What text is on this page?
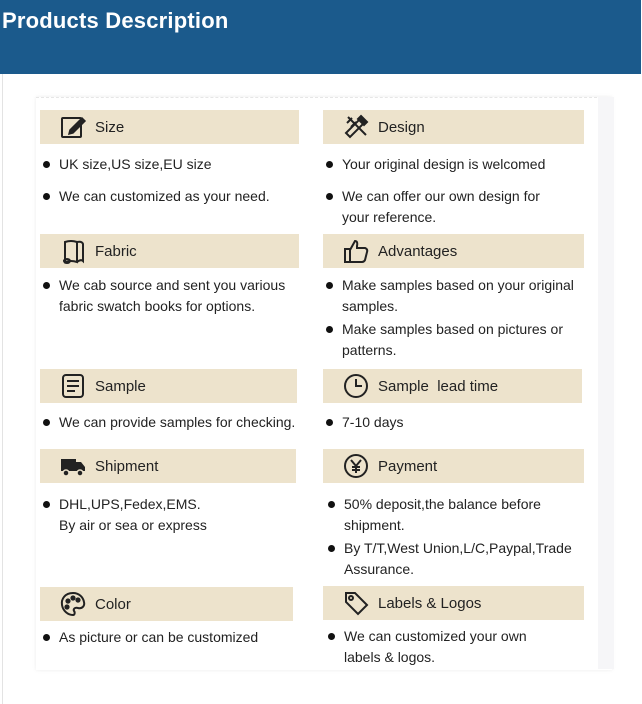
Products Description
Size
UK size,US size,EU size
We can customized as your need.
Design
Your original design is welcomed
We can offer our own design for your reference.
Fabric
We cab source and sent you various fabric swatch books for options.
Advantages
Make samples based on your original samples.
Make samples based on pictures or patterns.
Sample
We can provide samples for checking.
Sample  lead time
7-10 days
Shipment
DHL,UPS,Fedex,EMS.
By air or sea or express
Payment
50% deposit,the balance before shipment.
By T/T,West Union,L/C,Paypal,Trade Assurance.
Color
As picture or can be customized
Labels & Logos
We can customized your own labels & logos.
